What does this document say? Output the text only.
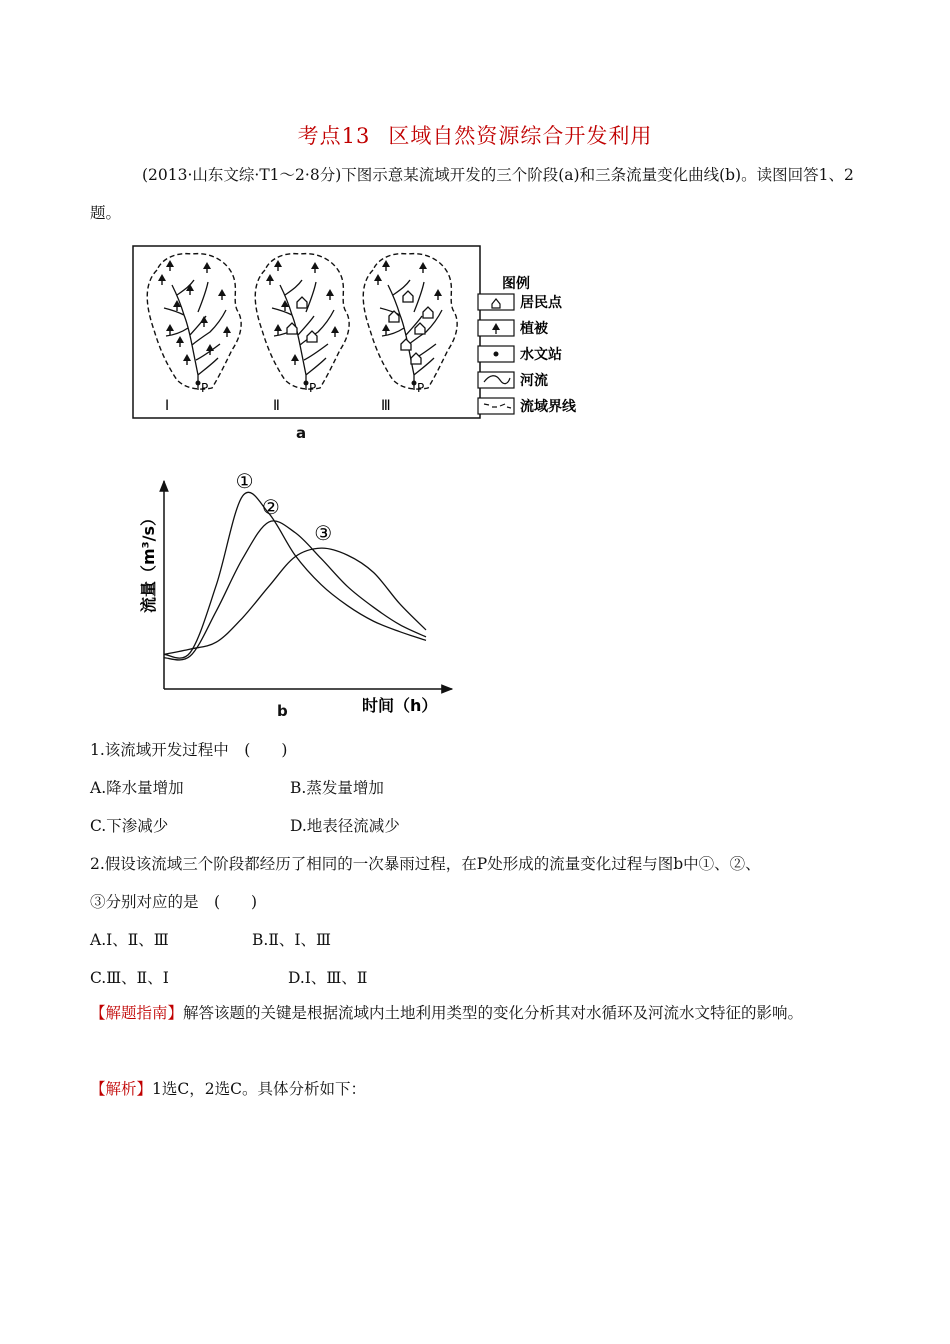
考点13 区域自然资源综合开发利用
(2013·山东文综·T1～2·8分)下图示意某流域开发的三个阶段(a)和三条流量变化曲线(b)。读图回答1、2题。
P
Ⅰ
P
Ⅱ
P
Ⅲ
图例
居民点
植被
水文站
河流
流域界线
a
流量（m³/s）
时间（h）
①
②
③
b
1.该流域开发过程中　(　　)
A.降水量增加	B.蒸发量增加
C.下渗减少	D.地表径流减少
2.假设该流域三个阶段都经历了相同的一次暴雨过程，在P处形成的流量变化过程与图b中①、②、
③分别对应的是　(　　)
A.Ⅰ、Ⅱ、Ⅲ	B.Ⅱ、Ⅰ、Ⅲ
C.Ⅲ、Ⅱ、Ⅰ	D.Ⅰ、Ⅲ、Ⅱ
【解题指南】解答该题的关键是根据流域内土地利用类型的变化分析其对水循环及河流水文特征的影响。
【解析】1选C，2选C。具体分析如下：
